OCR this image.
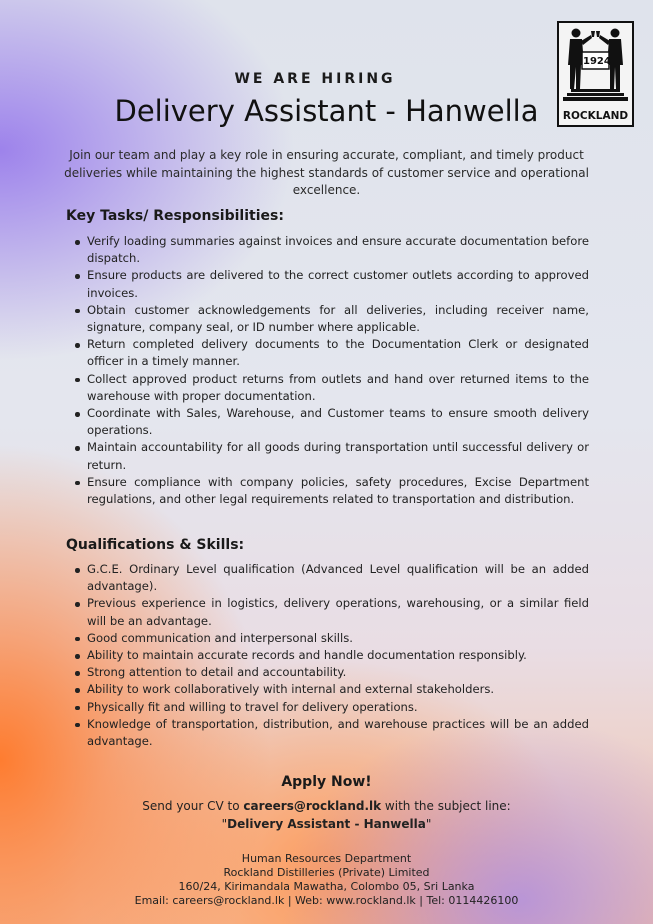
1924
ROCKLAND
WE ARE HIRING
Delivery Assistant - Hanwella
Join our team and play a key role in ensuring accurate, compliant, and timely product deliveries while maintaining the highest standards of customer service and operational excellence.
Key Tasks/ Responsibilities:
Verify loading summaries against invoices and ensure accurate documentation before dispatch.
Ensure products are delivered to the correct customer outlets according to approved invoices.
Obtain customer acknowledgements for all deliveries, including receiver name, signature, company seal, or ID number where applicable.
Return completed delivery documents to the Documentation Clerk or designated officer in a timely manner.
Collect approved product returns from outlets and hand over returned items to the warehouse with proper documentation.
Coordinate with Sales, Warehouse, and Customer teams to ensure smooth delivery operations.
Maintain accountability for all goods during transportation until successful delivery or return.
Ensure compliance with company policies, safety procedures, Excise Department regulations, and other legal requirements related to transportation and distribution.
Qualifications & Skills:
G.C.E. Ordinary Level qualification (Advanced Level qualification will be an added advantage).
Previous experience in logistics, delivery operations, warehousing, or a similar field will be an advantage.
Good communication and interpersonal skills.
Ability to maintain accurate records and handle documentation responsibly.
Strong attention to detail and accountability.
Ability to work collaboratively with internal and external stakeholders.
Physically fit and willing to travel for delivery operations.
Knowledge of transportation, distribution, and warehouse practices will be an added advantage.
Apply Now!
Send your CV to careers@rockland.lk with the subject line:
"Delivery Assistant - Hanwella"
Human Resources Department
Rockland Distilleries (Private) Limited
160/24, Kirimandala Mawatha, Colombo 05, Sri Lanka
Email: careers@rockland.lk | Web: www.rockland.lk | Tel: 0114426100
